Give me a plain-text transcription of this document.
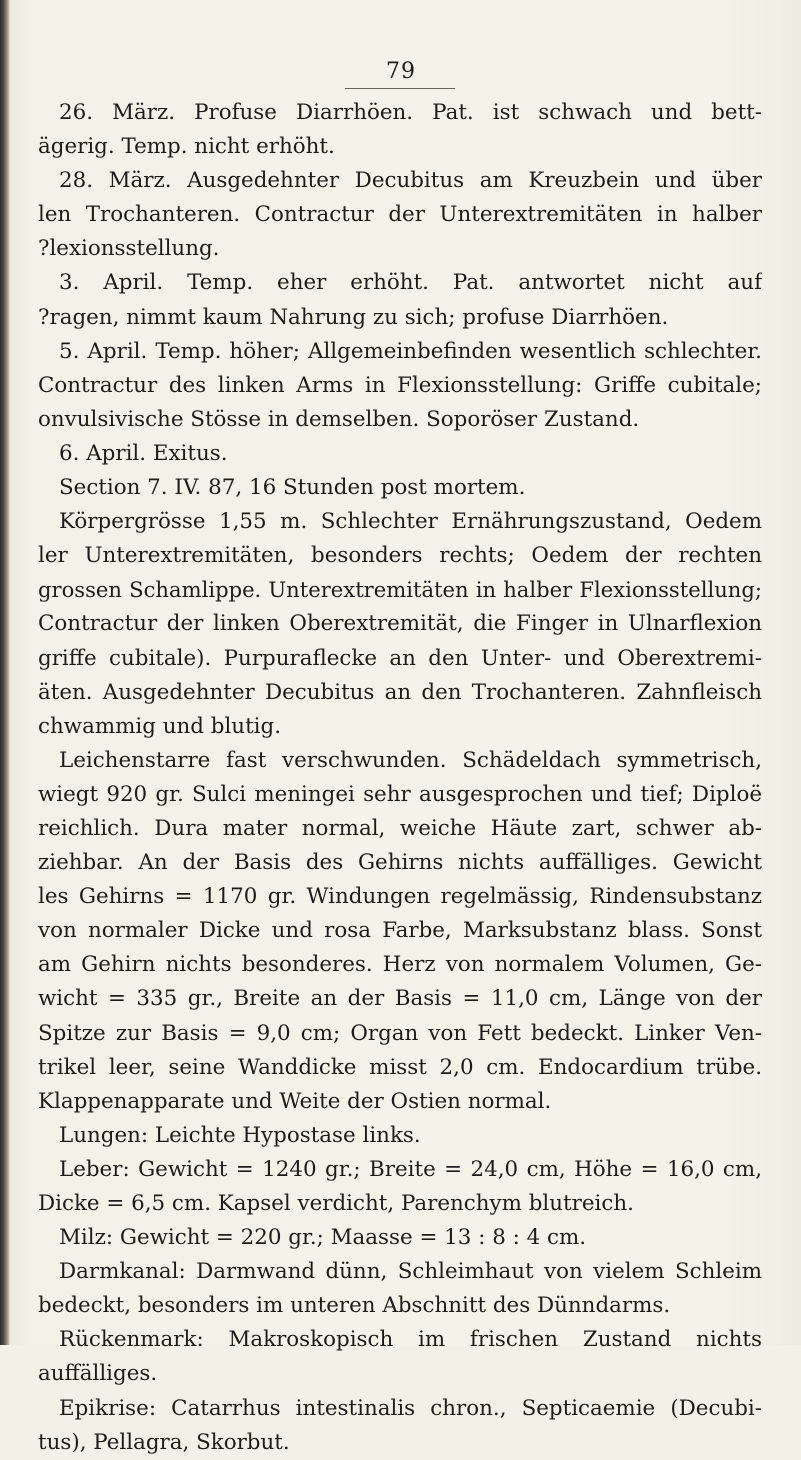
79
26. März. Profuse Diarrhöen. Pat. ist schwach und bett-
ägerig. Temp. nicht erhöht.
28. März. Ausgedehnter Decubitus am Kreuzbein und über
len Trochanteren. Contractur der Unterextremitäten in halber
?lexionsstellung.
3. April. Temp. eher erhöht. Pat. antwortet nicht auf
?ragen, nimmt kaum Nahrung zu sich; profuse Diarrhöen.
5. April. Temp. höher; Allgemeinbefinden wesentlich schlechter.
Contractur des linken Arms in Flexionsstellung: Griffe cubitale;
onvulsivische Stösse in demselben. Soporöser Zustand.
6. April. Exitus.
Section 7. IV. 87, 16 Stunden post mortem.
Körpergrösse 1,55 m. Schlechter Ernährungszustand, Oedem
ler Unterextremitäten, besonders rechts; Oedem der rechten
grossen Schamlippe. Unterextremitäten in halber Flexionsstellung;
Contractur der linken Oberextremität, die Finger in Ulnarflexion
griffe cubitale). Purpuraflecke an den Unter- und Oberextremi-
äten. Ausgedehnter Decubitus an den Trochanteren. Zahnfleisch
chwammig und blutig.
Leichenstarre fast verschwunden. Schädeldach symmetrisch,
wiegt 920 gr. Sulci meningei sehr ausgesprochen und tief; Diploë
reichlich. Dura mater normal, weiche Häute zart, schwer ab-
ziehbar. An der Basis des Gehirns nichts auffälliges. Gewicht
les Gehirns = 1170 gr. Windungen regelmässig, Rindensubstanz
von normaler Dicke und rosa Farbe, Marksubstanz blass. Sonst
am Gehirn nichts besonderes. Herz von normalem Volumen, Ge-
wicht = 335 gr., Breite an der Basis = 11,0 cm, Länge von der
Spitze zur Basis = 9,0 cm; Organ von Fett bedeckt. Linker Ven-
trikel leer, seine Wanddicke misst 2,0 cm. Endocardium trübe.
Klappenapparate und Weite der Ostien normal.
Lungen: Leichte Hypostase links.
Leber: Gewicht = 1240 gr.; Breite = 24,0 cm, Höhe = 16,0 cm,
Dicke = 6,5 cm. Kapsel verdicht, Parenchym blutreich.
Milz: Gewicht = 220 gr.; Maasse = 13 : 8 : 4 cm.
Darmkanal: Darmwand dünn, Schleimhaut von vielem Schleim
bedeckt, besonders im unteren Abschnitt des Dünndarms.
Rückenmark: Makroskopisch im frischen Zustand nichts
auffälliges.
Epikrise: Catarrhus intestinalis chron., Septicaemie (Decubi-
tus), Pellagra, Skorbut.
